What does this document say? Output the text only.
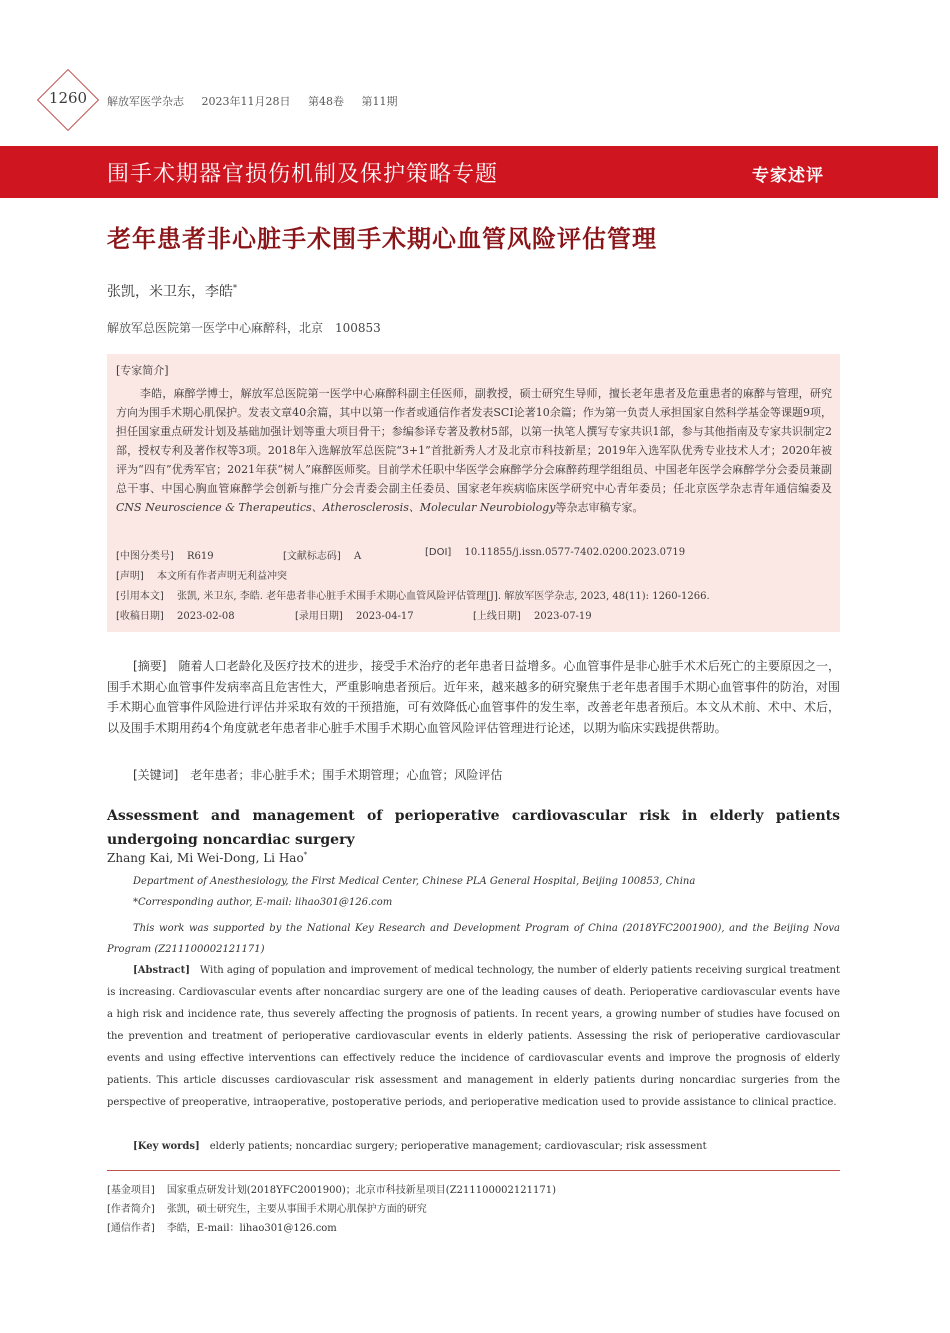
1260	解放军医学杂志 2023年11月28日 第48卷 第11期
围手术期器官损伤机制及保护策略专题	专家述评
老年患者非心脏手术围手术期心血管风险评估管理
张凯，米卫东，李皓*
解放军总医院第一医学中心麻醉科，北京　100853
[专家简介]
李皓，麻醉学博士，解放军总医院第一医学中心麻醉科副主任医师，副教授，硕士研究生导师，擅长老年患者及危重患者的麻醉与管理，研究方向为围手术期心肌保护。发表文章40余篇，其中以第一作者或通信作者发表SCI论著10余篇；作为第一负责人承担国家自然科学基金等课题9项，担任国家重点研发计划及基础加强计划等重大项目骨干；参编参译专著及教材5部，以第一执笔人撰写专家共识1部，参与其他指南及专家共识制定2部，授权专利及著作权等3项。2018年入选解放军总医院“3+1”首批新秀人才及北京市科技新星；2019年入选军队优秀专业技术人才；2020年被评为“四有”优秀军官；2021年获“树人”麻醉医师奖。目前学术任职中华医学会麻醉学分会麻醉药理学组组员、中国老年医学会麻醉学分会委员兼副总干事、中国心胸血管麻醉学会创新与推广分会青委会副主任委员、国家老年疾病临床医学研究中心青年委员；任北京医学杂志青年通信编委及CNS Neuroscience & Therapeutics、Atherosclerosis、Molecular Neurobiology等杂志审稿专家。
[中图分类号] R619	[文献标志码] A	[DOI] 10.11855/j.issn.0577-7402.0200.2023.0719
[声明] 本文所有作者声明无利益冲突
[引用本文] 张凯, 米卫东, 李皓. 老年患者非心脏手术围手术期心血管风险评估管理[J]. 解放军医学杂志, 2023, 48(11): 1260-1266.
[收稿日期] 2023-02-08	[录用日期] 2023-04-17	[上线日期] 2023-07-19
[摘要]　 随着人口老龄化及医疗技术的进步，接受手术治疗的老年患者日益增多。心血管事件是非心脏手术术后死亡的主要原因之一，围手术期心血管事件发病率高且危害性大，严重影响患者预后。近年来，越来越多的研究聚焦于老年患者围手术期心血管事件的防治，对围手术期心血管事件风险进行评估并采取有效的干预措施，可有效降低心血管事件的发生率，改善老年患者预后。本文从术前、术中、术后，以及围手术期用药4个角度就老年患者非心脏手术围手术期心血管风险评估管理进行论述，以期为临床实践提供帮助。
[关键词]　 老年患者；非心脏手术；围手术期管理；心血管；风险评估
Assessment and management of perioperative cardiovascular risk in elderly patients undergoing noncardiac surgery
Zhang Kai, Mi Wei-Dong, Li Hao*
Department of Anesthesiology, the First Medical Center, Chinese PLA General Hospital, Beijing 100853, China
*Corresponding author, E-mail: lihao301@126.com
This work was supported by the National Key Research and Development Program of China (2018YFC2001900), and the Beijing Nova Program (Z211100002121171)
[Abstract]　 With aging of population and improvement of medical technology, the number of elderly patients receiving surgical treatment is increasing. Cardiovascular events after noncardiac surgery are one of the leading causes of death. Perioperative cardiovascular events have a high risk and incidence rate, thus severely affecting the prognosis of patients. In recent years, a growing number of studies have focused on the prevention and treatment of perioperative cardiovascular events in elderly patients. Assessing the risk of perioperative cardiovascular events and using effective interventions can effectively reduce the incidence of cardiovascular events and improve the prognosis of elderly patients. This article discusses cardiovascular risk assessment and management in elderly patients during noncardiac surgeries from the perspective of preoperative, intraoperative, postoperative periods, and perioperative medication used to provide assistance to clinical practice.
[Key words]　 elderly patients; noncardiac surgery; perioperative management; cardiovascular; risk assessment
[基金项目] 国家重点研发计划(2018YFC2001900)；北京市科技新星项目(Z211100002121171)
[作者简介] 张凯，硕士研究生，主要从事围手术期心肌保护方面的研究
[通信作者] 李皓，E-mail：lihao301@126.com
